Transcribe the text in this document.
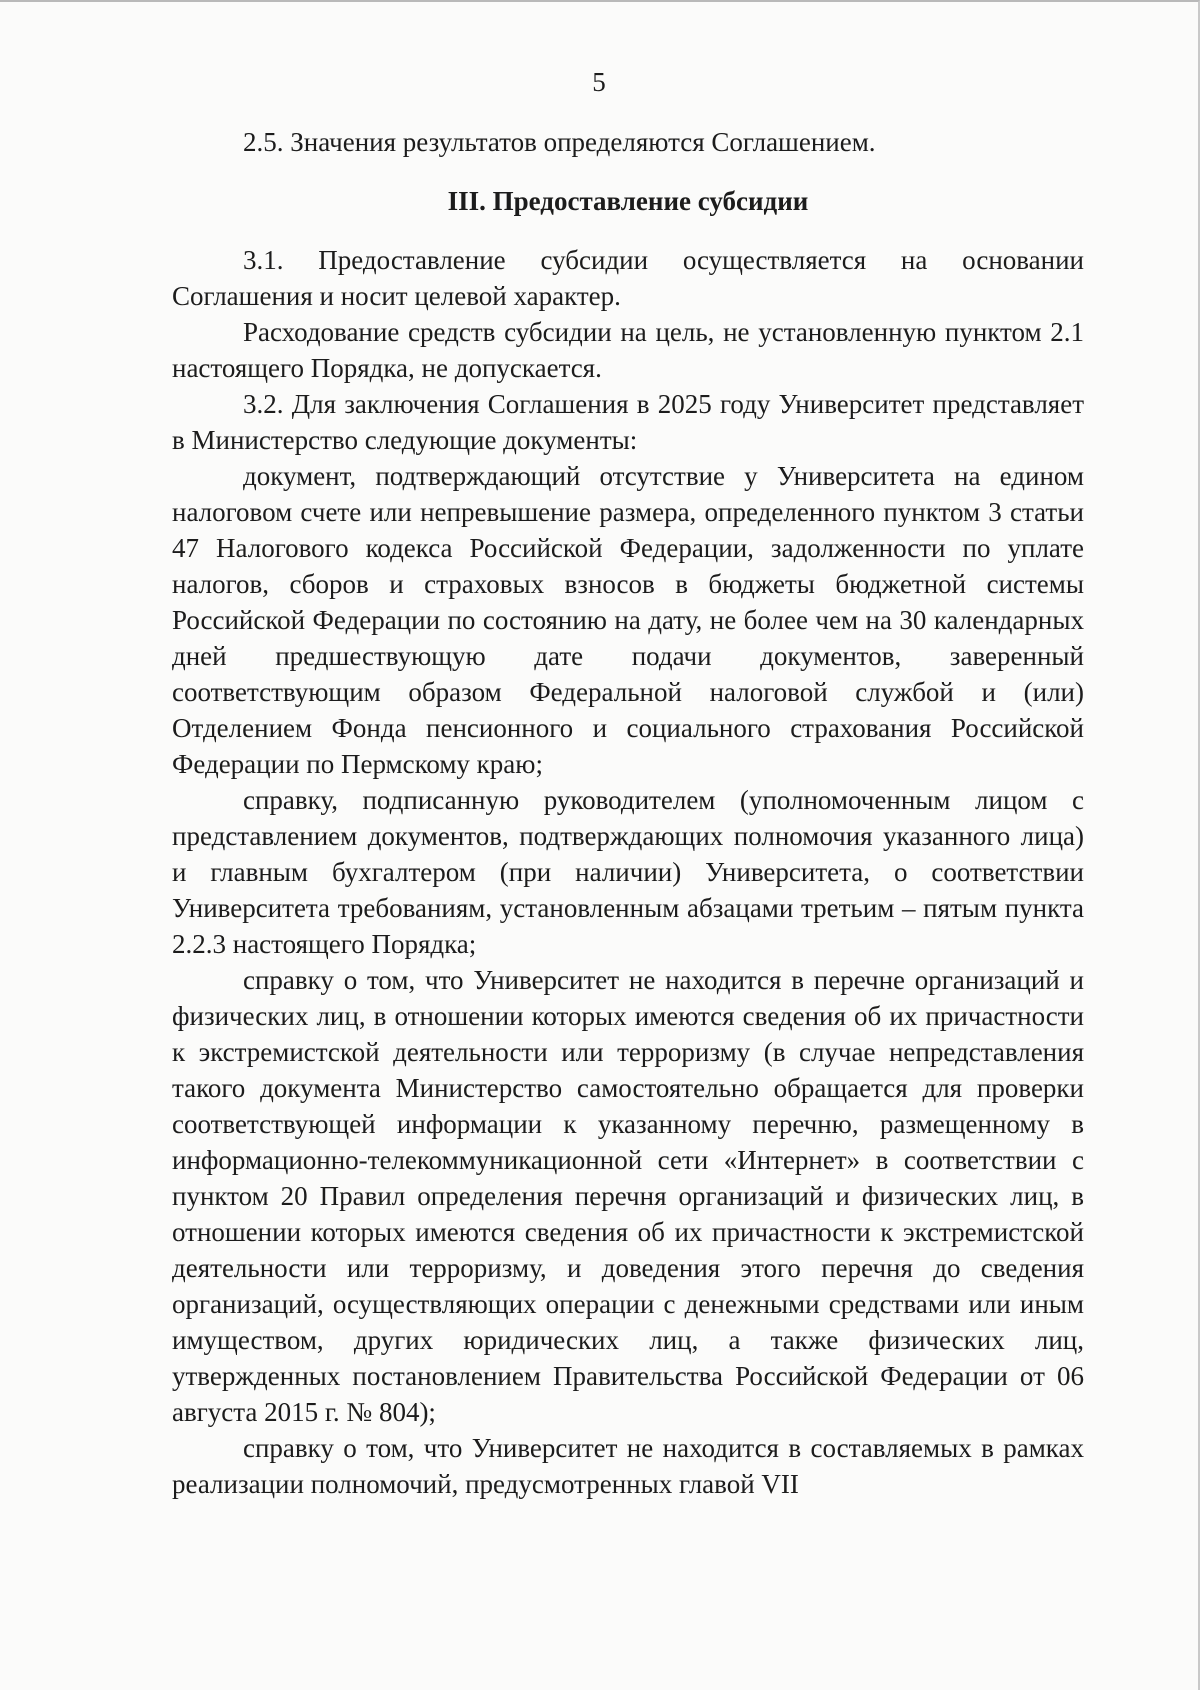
5

2.5. Значения результатов определяются Соглашением.

III. Предоставление субсидии

3.1. Предоставление субсидии осуществляется на основании Соглашения и носит целевой характер.

Расходование средств субсидии на цель, не установленную пунктом 2.1 настоящего Порядка, не допускается.

3.2. Для заключения Соглашения в 2025 году Университет представляет в Министерство следующие документы:

документ, подтверждающий отсутствие у Университета на едином налоговом счете или непревышение размера, определенного пунктом 3 статьи 47 Налогового кодекса Российской Федерации, задолженности по уплате налогов, сборов и страховых взносов в бюджеты бюджетной системы Российской Федерации по состоянию на дату, не более чем на 30 календарных дней предшествующую дате подачи документов, заверенный соответствующим образом Федеральной налоговой службой и (или) Отделением Фонда пенсионного и социального страхования Российской Федерации по Пермскому краю;

справку, подписанную руководителем (уполномоченным лицом с представлением документов, подтверждающих полномочия указанного лица) и главным бухгалтером (при наличии) Университета, о соответствии Университета требованиям, установленным абзацами третьим – пятым пункта 2.2.3 настоящего Порядка;

справку о том, что Университет не находится в перечне организаций и физических лиц, в отношении которых имеются сведения об их причастности к экстремистской деятельности или терроризму (в случае непредставления такого документа Министерство самостоятельно обращается для проверки соответствующей информации к указанному перечню, размещенному в информационно-телекоммуникационной сети «Интернет» в соответствии с пунктом 20 Правил определения перечня организаций и физических лиц, в отношении которых имеются сведения об их причастности к экстремистской деятельности или терроризму, и доведения этого перечня до сведения организаций, осуществляющих операции с денежными средствами или иным имуществом, других юридических лиц, а также физических лиц, утвержденных постановлением Правительства Российской Федерации от 06 августа 2015 г. № 804);

справку о том, что Университет не находится в составляемых в рамках реализации полномочий, предусмотренных главой VII
